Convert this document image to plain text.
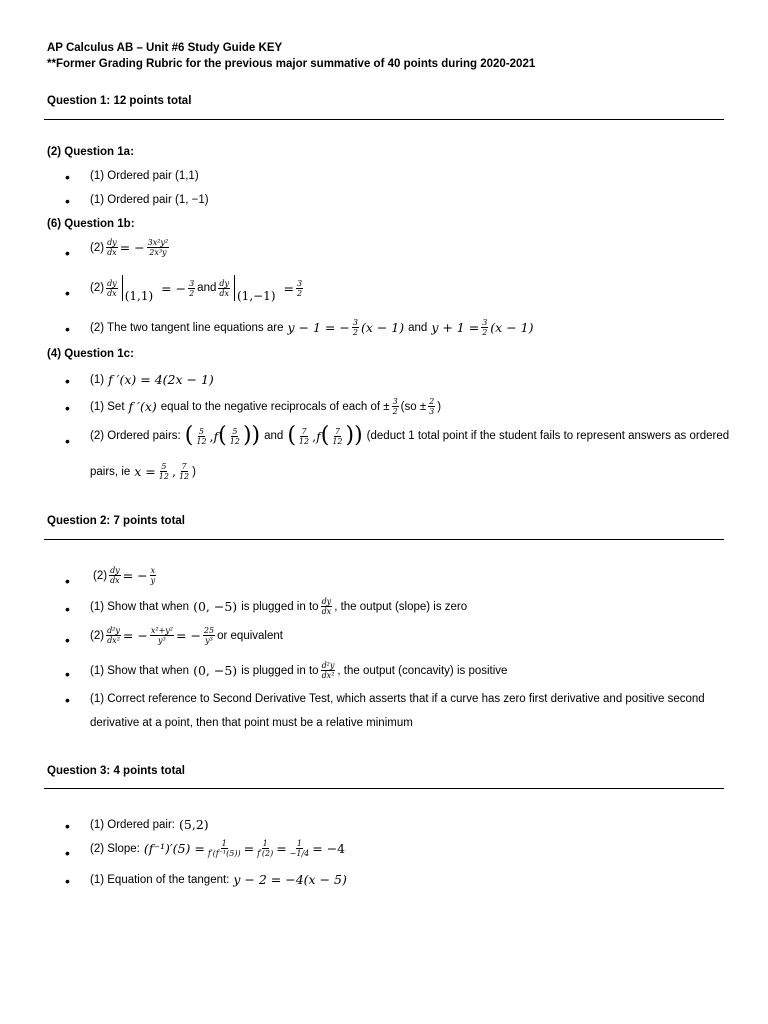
AP Calculus AB – Unit #6 Study Guide KEY
**Former Grading Rubric for the previous major summative of 40 points during 2020-2021
Question 1: 12 points total
(2) Question 1a:
• (1) Ordered pair (1,1)
• (1) Ordered pair (1, −1)
(6) Question 1b:
• $(2) \frac{dy}{dx}$ = − $\frac{\text{3x²y²}}{\text{2x³y}}$
• $(2) \frac{dy}{dx} (1,1)$
= − $\frac{3}{2}$ and $\frac{dy}{dx} (1,-1)$
= $\frac{3}{2}$
• (2) The two tangent line equations are y − 1 = − $\frac{3}{2} (x - 1)$ and $y + 1 = \frac{3}{2} (x - 1)$
(4) Question 1c:
• (1) f ′(x) = 4(2x − 1)
• (1) Set f ′(x) equal to the negative reciprocals of each of ± $\frac{3}{2} (so \pm \frac{2}{3}$ )
• (2) Ordered pairs: ( $\frac{5}{12}$ , f ( $\frac{5}{12}$ )) and ( $\frac{7}{12}$ , f ( $\frac{7}{12}$ )) (deduct 1 total point if the student fails to represent answers as ordered
pairs, ie $x = \frac{5}{12}$ , $\frac{7}{12}$ )
Question 2: 7 points total
• $(2) \frac{dy}{dx}$ = − $\frac{x}{y}$
• (1) Show that when (0, −5) is plugged in to $\frac{dy}{dx}$ , the output (slope) is zero
• $(2) \frac{\text{d²y}}{\text{dx²}}$ = − $\frac{\text{x²+y²}}{\text{y³}}$ = − $\frac{25}{\text{y³}}$ or equivalent
• (1) Show that when (0, −5) is plugged in to $\frac{\text{d²y}}{\text{dx²}}$ , the output (concavity) is positive
• (1) Correct reference to Second Derivative Test, which asserts that if a curve has zero first derivative and positive second
derivative at a point, then that point must be a relative minimum
Question 3: 4 points total
• (1) Ordered pair: (5,2)
• (2) Slope: $(f^{-1})'(5) = \frac{1}{\text{f′(f⁻¹(5))}} = \frac{1}{f'(2)} = \frac{1}{-1/4} = -4$
• (1) Equation of the tangent: y − 2 = −4(x − 5)
